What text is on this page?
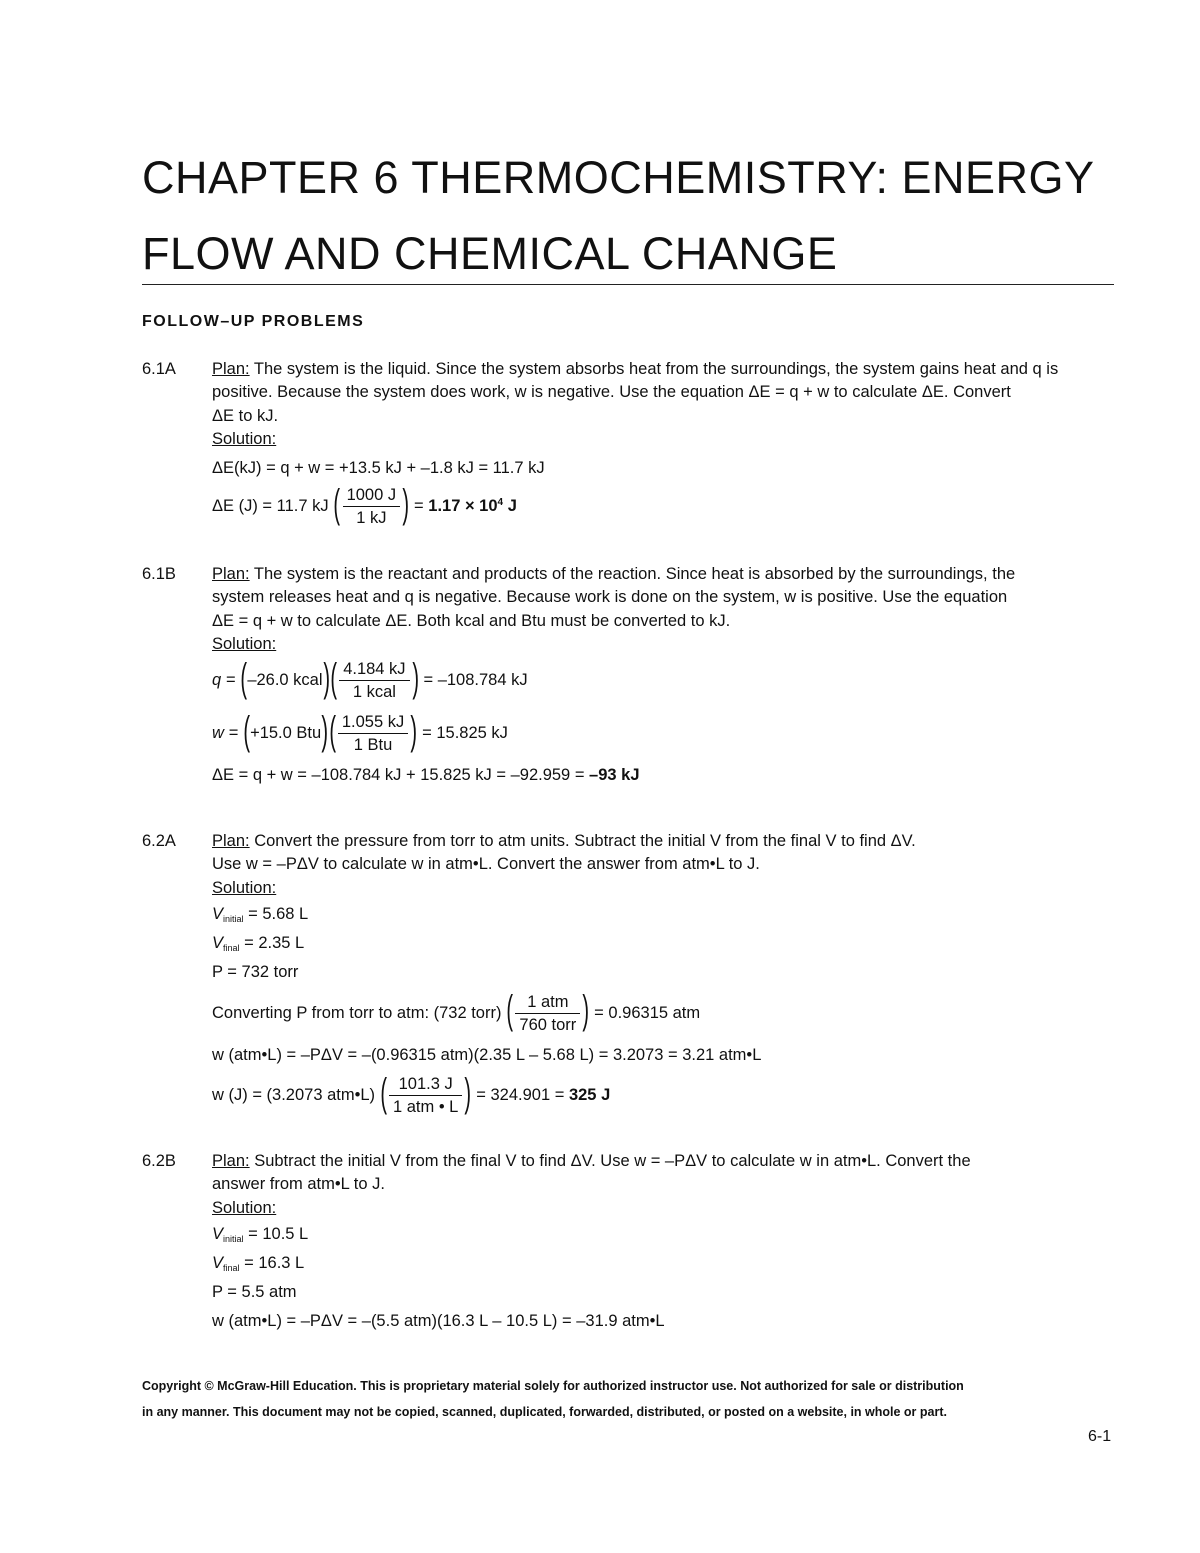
CHAPTER 6 THERMOCHEMISTRY: ENERGY
FLOW AND CHEMICAL CHANGE
FOLLOW–UP PROBLEMS
6.1A Plan: The system is the liquid. Since the system absorbs heat from the surroundings, the system gains heat and q is
positive. Because the system does work, w is negative. Use the equation ΔE = q + w to calculate ΔE. Convert
ΔE to kJ.
Solution:
ΔE(kJ) = q + w = +13.5 kJ + –1.8 kJ = 11.7 kJ
ΔE (J) = 11.7 kJ ( $\frac{1000 J}{1 kJ}$ ) = $1.17 \times 10^4$ J
6.1B Plan: The system is the reactant and products of the reaction. Since heat is absorbed by the surroundings, the
system releases heat and q is negative. Because work is done on the system, w is positive. Use the equation
ΔE = q + w to calculate ΔE. Both kcal and Btu must be converted to kJ.
Solution:
q = (–26.0 kcal)( $\frac{4.184 kJ}{\text{1 kcal}}$ ) = –108.784 kJ
w = (+15.0 $Btu)( \frac{1.055 kJ}{\text{1 Btu}}$ ) = 15.825 kJ
ΔE = q + w = –108.784 kJ + 15.825 kJ = –92.959 = –93 kJ
6.2A Plan: Convert the pressure from torr to atm units. Subtract the initial V from the final V to find ΔV.
Use w = –PΔV to calculate w in atm•L. Convert the answer from atm•L to J.
Solution:
$V_{initial} = 5.68$ L
$V_{final} = 2.35$ L
P = 732 torr
Converting P from torr to atm: (732 torr) ( $\frac{\text{1 atm}}{\text{760 torr}}$ ) = 0.96315 atm
w (atm•L) = –PΔV = –(0.96315 atm)(2.35 L – 5.68 L) = 3.2073 = 3.21 atm•L
w (J) = (3.2073 atm•L) ( $\frac{101.3 J}{\text{1 atm • L}}$ ) = 324.901 = 325 J
6.2B Plan: Subtract the initial V from the final V to find ΔV. Use w = –PΔV to calculate w in atm•L. Convert the
answer from atm•L to J.
Solution:
$V_{initial} = 10.5$ L
$V_{final} = 16.3$ L
P = 5.5 atm
w (atm•L) = –PΔV = –(5.5 atm)(16.3 L – 10.5 L) = –31.9 atm•L
Copyright © McGraw-Hill Education. This is proprietary material solely for authorized instructor use. Not authorized for sale or distribution
in any manner. This document may not be copied, scanned, duplicated, forwarded, distributed, or posted on a website, in whole or part.
6-1
